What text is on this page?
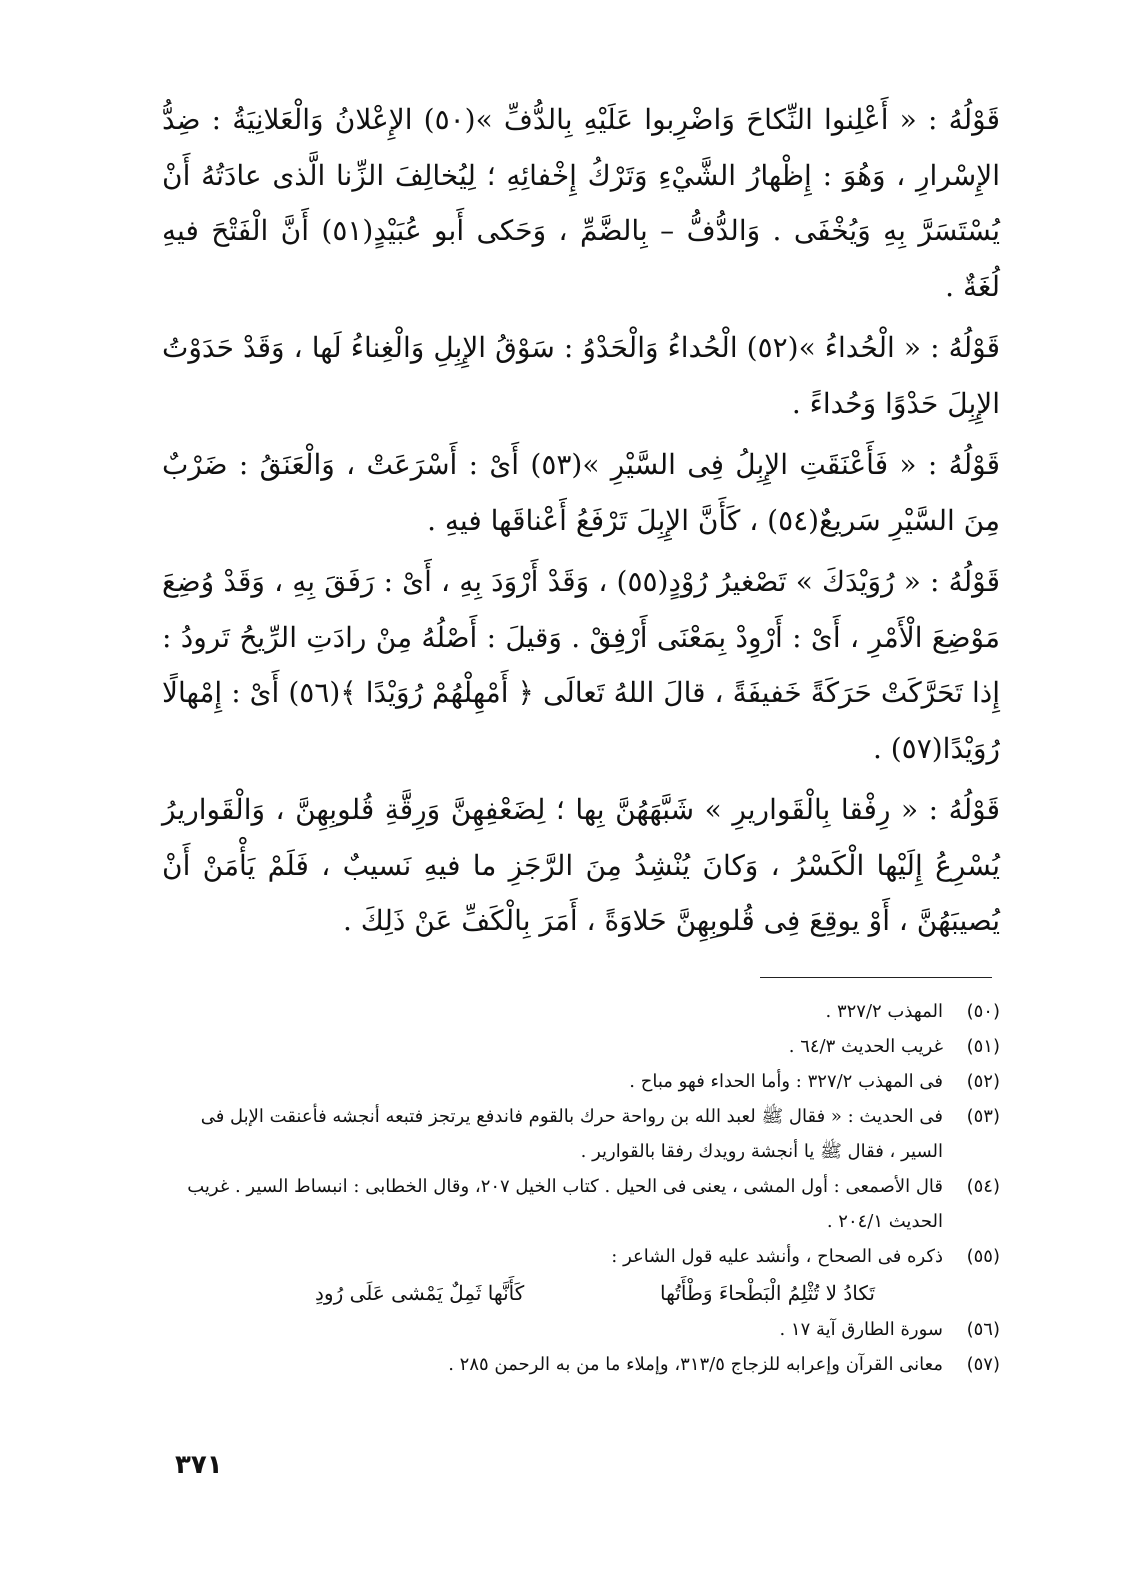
قَوْلُهُ : « أَعْلِنوا النِّكاحَ وَاضْرِبوا عَلَيْهِ بِالدُّفِّ »(٥٠) الإِعْلانُ وَالْعَلانِيَةُ : ضِدُّ الإِسْرارِ ، وَهُوَ : إِظْهارُ الشَّيْءِ وَتَرْكُ إِخْفائِهِ ؛ لِيُخالِفَ الزِّنا الَّذى عادَتُهُ أَنْ يُسْتَسَرَّ بِهِ وَيُخْفَى . وَالدُّفُّ – بِالضَّمِّ ، وَحَكى أَبو عُبَيْدٍ(٥١) أَنَّ الْفَتْحَ فيهِ لُغَةٌ .

قَوْلُهُ : « الْحُداءُ »(٥٢) الْحُداءُ وَالْحَدْوُ : سَوْقُ الإِبِلِ وَالْغِناءُ لَها ، وَقَدْ حَدَوْتُ الإِبِلَ حَدْوًا وَحُداءً .

قَوْلُهُ : « فَأَعْنَقَتِ الإِبِلُ فِى السَّيْرِ »(٥٣) أَىْ : أَسْرَعَتْ ، وَالْعَنَقُ : ضَرْبٌ مِنَ السَّيْرِ سَريعٌ(٥٤) ، كَأَنَّ الإِبِلَ تَرْفَعُ أَعْناقَها فيهِ .

قَوْلُهُ : « رُوَيْدَكَ » تَصْغيرُ رُوْدٍ(٥٥) ، وَقَدْ أَرْوَدَ بِهِ ، أَىْ : رَفَقَ بِهِ ، وَقَدْ وُضِعَ مَوْضِعَ الْأَمْرِ ، أَىْ : أَرْوِدْ بِمَعْنَى أَرْفِقْ . وَقيلَ : أَصْلُهُ مِنْ رادَتِ الرِّيحُ تَرودُ : إِذا تَحَرَّكَتْ حَرَكَةً خَفيفَةً ، قالَ اللهُ تَعالَى ﴿ أَمْهِلْهُمْ رُوَيْدًا ﴾(٥٦) أَىْ : إِمْهالًا رُوَيْدًا(٥٧) .

قَوْلُهُ : « رِفْقا بِالْقَواريرِ » شَبَّهَهُنَّ بِها ؛ لِضَعْفِهِنَّ وَرِقَّةِ قُلوبِهِنَّ ، وَالْقَواريرُ يُسْرِعُ إِلَيْها الْكَسْرُ ، وَكانَ يُنْشِدُ مِنَ الرَّجَزِ ما فيهِ نَسيبٌ ، فَلَمْ يَأْمَنْ أَنْ يُصيبَهُنَّ ، أَوْ يوقِعَ فِى قُلوبِهِنَّ حَلاوَةً ، أَمَرَ بِالْكَفِّ عَنْ ذَلِكَ .

(٥٠)
المهذب ٣٢٧/٢ .
(٥١)
غريب الحديث ٦٤/٣ .
(٥٢)
فى المهذب ٣٢٧/٢ : وأما الحداء فهو مباح .
(٥٣)
فى الحديث : « فقال ﷺ لعبد الله بن رواحة حرك بالقوم فاندفع يرتجز فتبعه أنجشه فأعنقت الإبل فى السير ، فقال ﷺ يا أنجشة رويدك رفقا بالقوارير .
(٥٤)
قال الأصمعى : أول المشى ، يعنى فى الحيل . كتاب الخيل ٢٠٧، وقال الخطابى : انبساط السير . غريب الحديث ٢٠٤/١ .
(٥٥)
ذكره فى الصحاح ، وأنشد عليه قول الشاعر :
تَكادُ لا تُثْلِمُ الْبَطْحاءَ وَطْأَتُها
كَأَنَّها ثَمِلٌ يَمْشى عَلَى رُودِ
(٥٦)
سورة الطارق آية ١٧ .
(٥٧)
معانى القرآن وإعرابه للزجاج ٣١٣/٥، وإملاء ما من به الرحمن ٢٨٥ .
٣٧١
